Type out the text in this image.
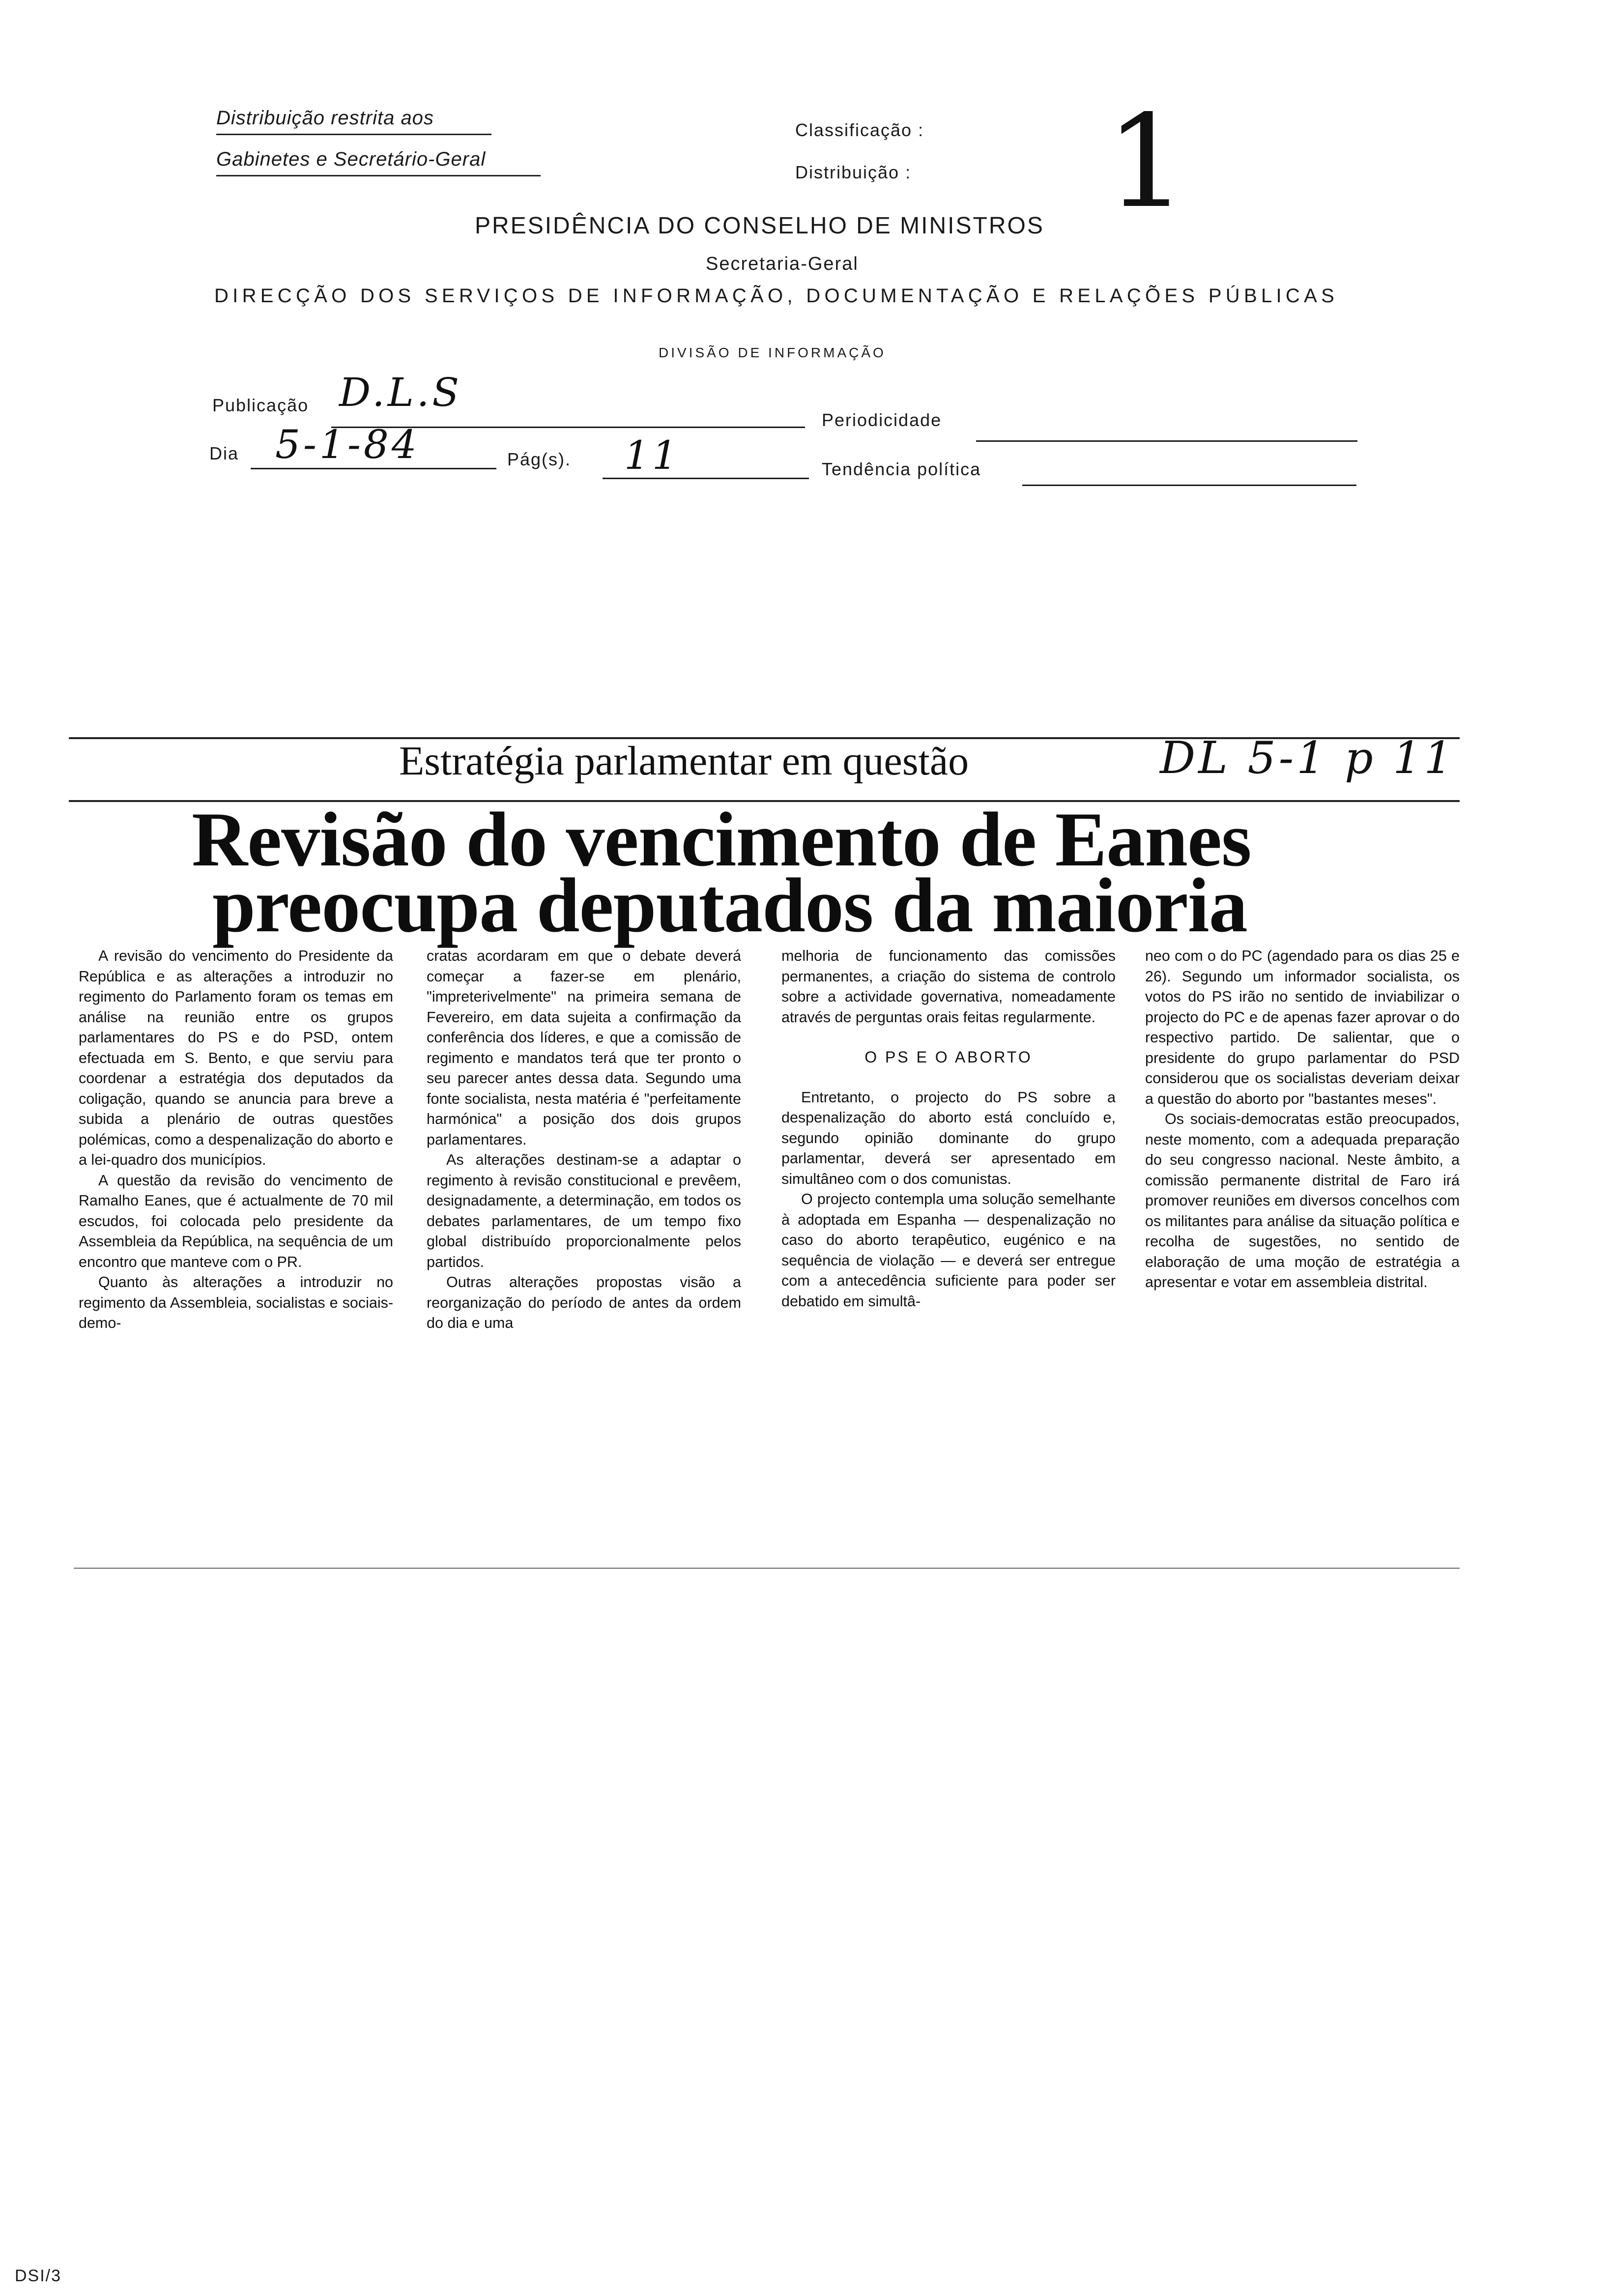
Distribuição restrita aos
Gabinetes e Secretário-Geral
Classificação :
Distribuição : 1
PRESIDÊNCIA DO CONSELHO DE MINISTROS
Secretaria-Geral
DIRECÇÃO DOS SERVIÇOS DE INFORMAÇÃO, DOCUMENTAÇÃO E RELAÇÕES PÚBLICAS
DIVISÃO DE INFORMAÇÃO
Publicação D.L.S
Periodicidade
Dia 5-1-84	Pág(s). 11	Tendência política
Estratégia parlamentar em questão	DL 5-1 p 11
Revisão do vencimento de Eanes
preocupa deputados da maioria

A revisão do vencimento do Presidente da República e as alterações a introduzir no regimento do Parlamento foram os temas em análise na reunião entre os grupos parlamentares do PS e do PSD, ontem efectuada em S. Bento, e que serviu para coordenar a estratégia dos deputados da coligação, quando se anuncia para breve a subida a plenário de outras questões polémicas, como a despenalização do aborto e a lei-quadro dos municípios.

A questão da revisão do vencimento de Ramalho Eanes, que é actualmente de 70 mil escudos, foi colocada pelo presidente da Assembleia da República, na sequência de um encontro que manteve com o PR.

Quanto às alterações a introduzir no regimento da Assembleia, socialistas e sociais-demo-

cratas acordaram em que o debate deverá começar a fazer-se em plenário, "impreterivelmente" na primeira semana de Fevereiro, em data sujeita a confirmação da conferência dos líderes, e que a comissão de regimento e mandatos terá que ter pronto o seu parecer antes dessa data. Segundo uma fonte socialista, nesta matéria é "perfeitamente harmónica" a posição dos dois grupos parlamentares.

As alterações destinam-se a adaptar o regimento à revisão constitucional e prevêem, designadamente, a determinação, em todos os debates parlamentares, de um tempo fixo global distribuído proporcionalmente pelos partidos.

Outras alterações propostas visão a reorganização do período de antes da ordem do dia e uma

melhoria de funcionamento das comissões permanentes, a criação do sistema de controlo sobre a actividade governativa, nomeadamente através de perguntas orais feitas regularmente.

O PS E O ABORTO

Entretanto, o projecto do PS sobre a despenalização do aborto está concluído e, segundo opinião dominante do grupo parlamentar, deverá ser apresentado em simultâneo com o dos comunistas.

O projecto contempla uma solução semelhante à adoptada em Espanha — despenalização no caso do aborto terapêutico, eugénico e na sequência de violação — e deverá ser entregue com a antecedência suficiente para poder ser debatido em simultâ-

neo com o do PC (agendado para os dias 25 e 26). Segundo um informador socialista, os votos do PS irão no sentido de inviabilizar o projecto do PC e de apenas fazer aprovar o do respectivo partido. De salientar, que o presidente do grupo parlamentar do PSD considerou que os socialistas deveriam deixar a questão do aborto por "bastantes meses".

Os sociais-democratas estão preocupados, neste momento, com a adequada preparação do seu congresso nacional. Neste âmbito, a comissão permanente distrital de Faro irá promover reuniões em diversos concelhos com os militantes para análise da situação política e recolha de sugestões, no sentido de elaboração de uma moção de estratégia a apresentar e votar em assembleia distrital.

DSI/3
